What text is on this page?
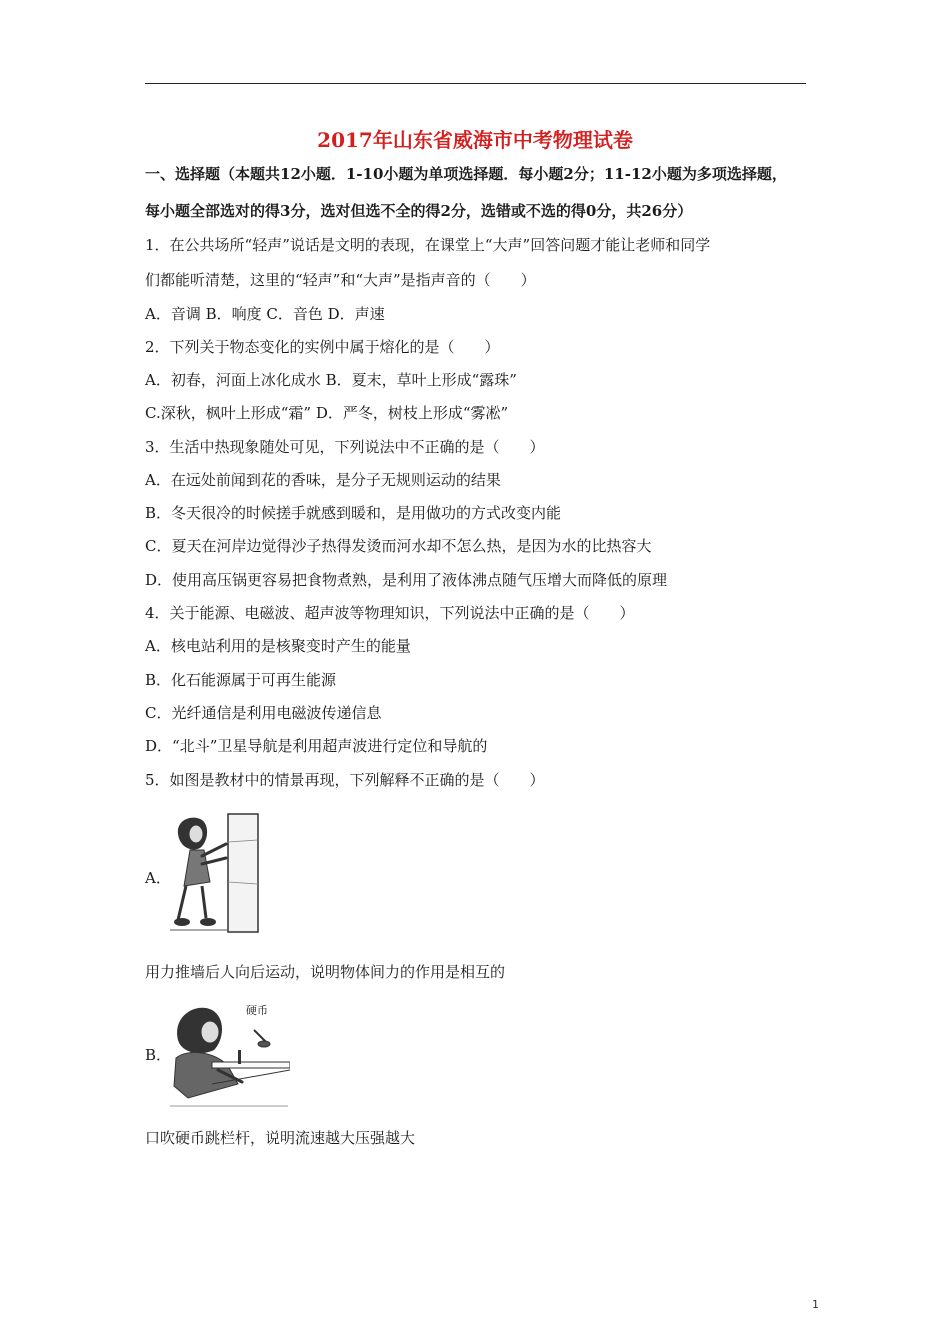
2017年山东省威海市中考物理试卷
一、选择题（本题共12小题．1-10小题为单项选择题．每小题2分；11-12小题为多项选择题，
每小题全部选对的得3分，选对但选不全的得2分，选错或不选的得0分，共26分）
1．在公共场所“轻声”说话是文明的表现，在课堂上“大声”回答问题才能让老师和同学
们都能听清楚，这里的“轻声”和“大声”是指声音的（　　）
A．音调 B．响度 C．音色 D．声速
2．下列关于物态变化的实例中属于熔化的是（　　）
A．初春，河面上冰化成水 B．夏末，草叶上形成“露珠”
C.深秋，枫叶上形成“霜” D．严冬，树枝上形成“雾凇”
3．生活中热现象随处可见，下列说法中不正确的是（　　）
A．在远处前闻到花的香味，是分子无规则运动的结果
B．冬天很冷的时候搓手就感到暖和，是用做功的方式改变内能
C．夏天在河岸边觉得沙子热得发烫而河水却不怎么热，是因为水的比热容大
D．使用高压锅更容易把食物煮熟，是利用了液体沸点随气压增大而降低的原理
4．关于能源、电磁波、超声波等物理知识，下列说法中正确的是（　　）
A．核电站利用的是核聚变时产生的能量
B．化石能源属于可再生能源
C．光纤通信是利用电磁波传递信息
D．“北斗”卫星导航是利用超声波进行定位和导航的
5．如图是教材中的情景再现，下列解释不正确的是（　　）
A．
用力推墙后人向后运动，说明物体间力的作用是相互的
B．
硬币
口吹硬币跳栏杆，说明流速越大压强越大
1
